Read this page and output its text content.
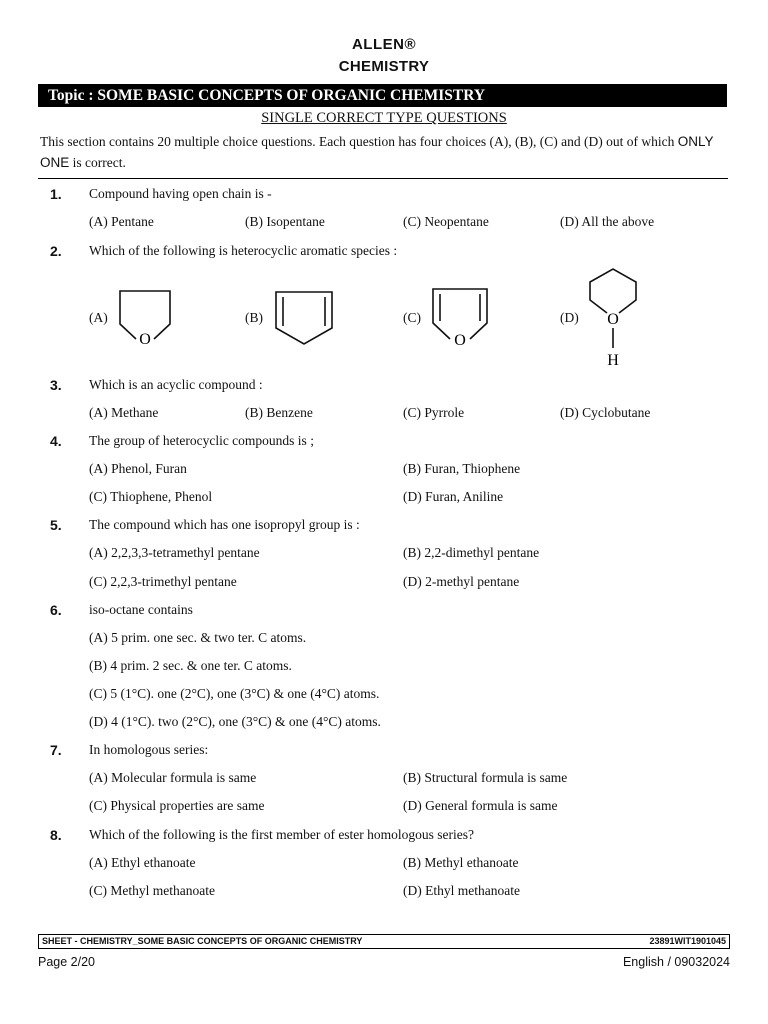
ALLEN®
CHEMISTRY
Topic : SOME BASIC CONCEPTS OF ORGANIC CHEMISTRY
SINGLE CORRECT TYPE QUESTIONS
This section contains 20 multiple choice questions. Each question has four choices (A), (B), (C) and (D) out of which ONLY ONE is correct.
1. Compound having open chain is -
(A) Pentane	(B) Isopentane	(C) Neopentane	(D) All the above
2. Which of the following is heterocyclic aromatic species :
(A)	(B)	(C)	(D)
O	O
O
H
3. Which is an acyclic compound :
(A) Methane	(B) Benzene	(C) Pyrrole	(D) Cyclobutane
4. The group of heterocyclic compounds is ;
(A) Phenol, Furan	(B) Furan, Thiophene
(C) Thiophene, Phenol	(D) Furan, Aniline
5. The compound which has one isopropyl group is :
(A) 2,2,3,3-tetramethyl pentane	(B) 2,2-dimethyl pentane
(C) 2,2,3-trimethyl pentane	(D) 2-methyl pentane
6. iso-octane contains
(A) 5 prim. one sec. & two ter. C atoms.
(B) 4 prim. 2 sec. & one ter. C atoms.
(C) 5 (1°C). one (2°C), one (3°C) & one (4°C) atoms.
(D) 4 (1°C). two (2°C), one (3°C) & one (4°C) atoms.
7. In homologous series:
(A) Molecular formula is same	(B) Structural formula is same
(C) Physical properties are same	(D) General formula is same
8. Which of the following is the first member of ester homologous series?
(A) Ethyl ethanoate	(B) Methyl ethanoate
(C) Methyl methanoate	(D) Ethyl methanoate
SHEET - CHEMISTRY_SOME BASIC CONCEPTS OF ORGANIC CHEMISTRY	23891WIT1901045
Page 2/20	English / 09032024
